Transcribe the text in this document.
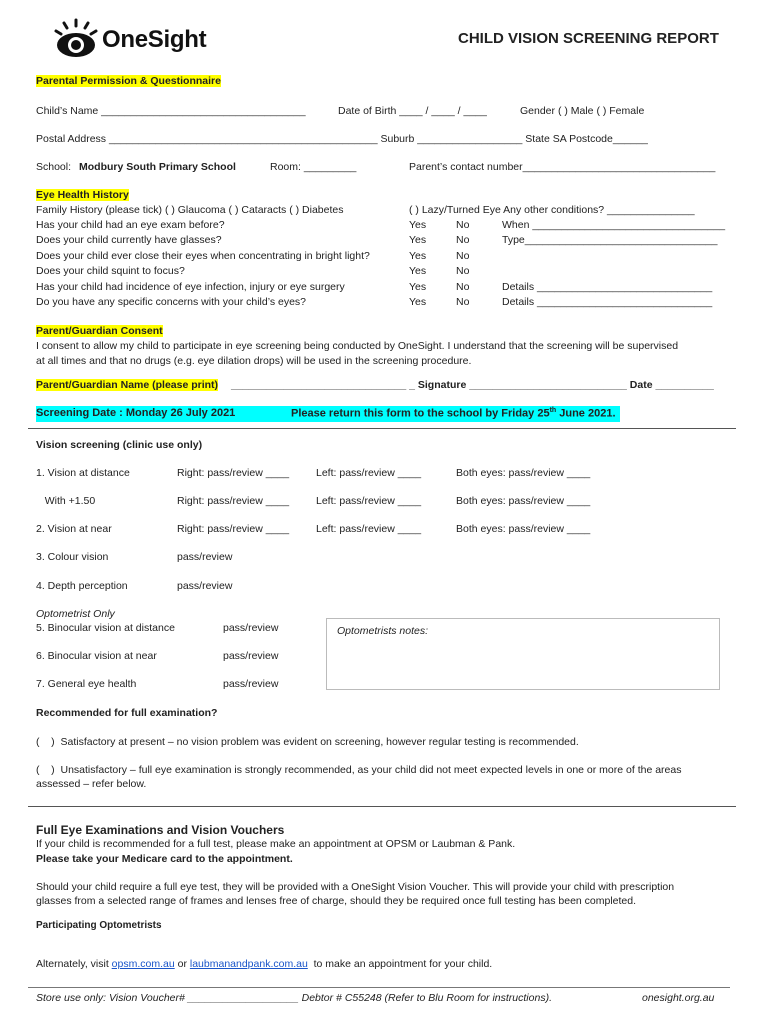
OneSight	CHILD VISION SCREENING REPORT
Parental Permission & Questionnaire
Child’s Name ___________________________________	Date of Birth ____ / ____ / ____	Gender ( ) Male ( ) Female
Postal Address ______________________________________________ Suburb __________________ State SA Postcode______
School: Modbury South Primary School	Room: _________	Parent’s contact number_________________________________
Eye Health History
Family History (please tick) ( ) Glaucoma ( ) Cataracts ( ) Diabetes	( ) Lazy/Turned Eye Any other conditions? _______________
Has your child had an eye exam before?	Yes	No	When _________________________________
Does your child currently have glasses?	Yes	No	Type_________________________________
Does your child ever close their eyes when concentrating in bright light?	Yes	No
Does your child squint to focus?	Yes	No
Has your child had incidence of eye infection, injury or eye surgery	Yes	No	Details ______________________________
Do you have any specific concerns with your child’s eyes?	Yes	No	Details ______________________________
Parent/Guardian Consent
I consent to allow my child to participate in eye screening being conducted by OneSight. I understand that the screening will be supervised
at all times and that no drugs (e.g. eye dilation drops) will be used in the screening procedure.
Parent/Guardian Name (please print) ______________________________ _ Signature ___________________________ Date __________
Screening Date : Monday 26 July 2021	Please return this form to the school by Friday 25th June 2021.
Vision screening (clinic use only)
1. Vision at distance	Right: pass/review ____	Left: pass/review ____	Both eyes: pass/review ____
With +1.50	Right: pass/review ____	Left: pass/review ____	Both eyes: pass/review ____
2. Vision at near	Right: pass/review ____	Left: pass/review ____	Both eyes: pass/review ____
3. Colour vision	pass/review
4. Depth perception	pass/review
Optometrist Only
5. Binocular vision at distance	pass/review
6. Binocular vision at near	pass/review
7. General eye health	pass/review
Optometrists notes:
Recommended for full examination?
(    )  Satisfactory at present – no vision problem was evident on screening, however regular testing is recommended.
(    )  Unsatisfactory – full eye examination is strongly recommended, as your child did not meet expected levels in one or more of the areas
assessed – refer below.
Full Eye Examinations and Vision Vouchers
If your child is recommended for a full test, please make an appointment at OPSM or Laubman & Pank.
Please take your Medicare card to the appointment.
Should your child require a full eye test, they will be provided with a OneSight Vision Voucher. This will provide your child with prescription
glasses from a selected range of frames and lenses free of charge, should they be required once full testing has been completed.
Participating Optometrists
Alternately, visit opsm.com.au or laubmanandpank.com.au  to make an appointment for your child.
Store use only: Vision Voucher# ___________________ Debtor # C55248 (Refer to Blu Room for instructions).	onesight.org.au
